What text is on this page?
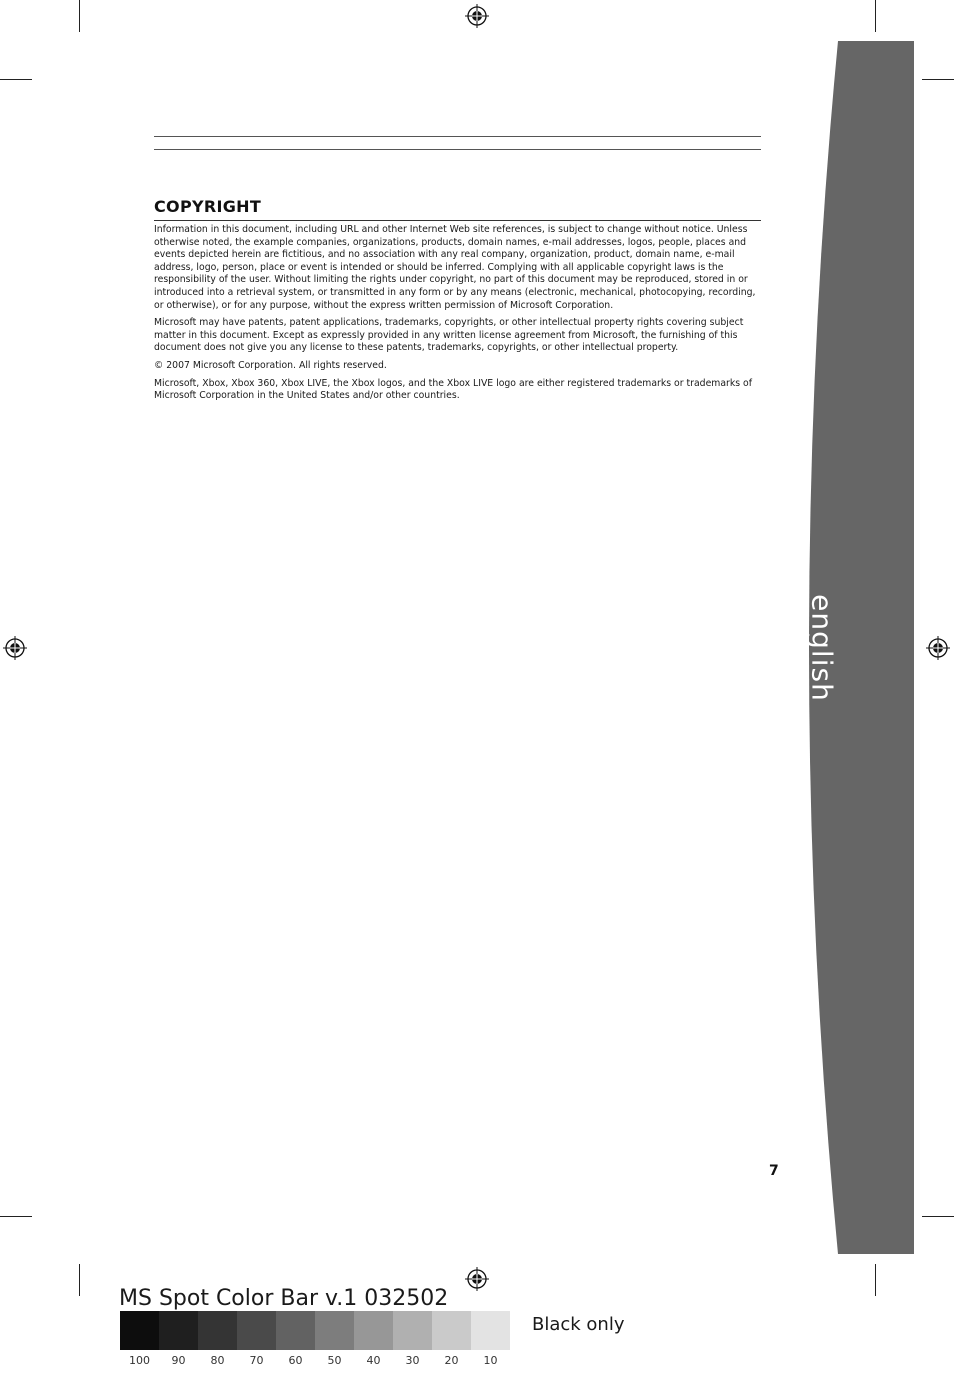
english
COPYRIGHT

Information in this document, including URL and other Internet Web site references, is subject to change without notice. Unless otherwise noted, the example companies, organizations, products, domain names, e-mail addresses, logos, people, places and events depicted herein are fictitious, and no association with any real company, organization, product, domain name, e-mail address, logo, person, place or event is intended or should be inferred. Complying with all applicable copyright laws is the responsibility of the user. Without limiting the rights under copyright, no part of this document may be reproduced, stored in or introduced into a retrieval system, or transmitted in any form or by any means (electronic, mechanical, photocopying, recording, or otherwise), or for any purpose, without the express written permission of Microsoft Corporation.

Microsoft may have patents, patent applications, trademarks, copyrights, or other intellectual property rights covering subject matter in this document. Except as expressly provided in any written license agreement from Microsoft, the furnishing of this document does not give you any license to these patents, trademarks, copyrights, or other intellectual property.

© 2007 Microsoft Corporation. All rights reserved.

Microsoft, Xbox, Xbox 360, Xbox LIVE, the Xbox logos, and the Xbox LIVE logo are either registered trademarks or trademarks of Microsoft Corporation in the United States and/or other countries.

7
MS Spot Color Bar v.1 032502
100	90	80	70	60	50	40	30	20	10
Black only
